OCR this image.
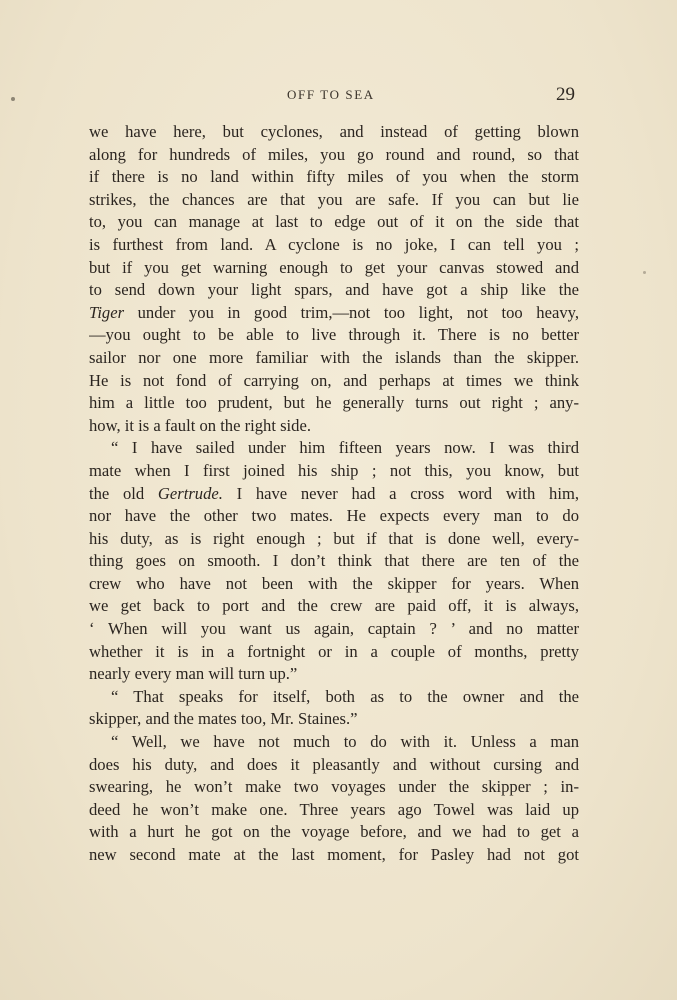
OFF TO SEA	29
we have here, but cyclones, and instead of getting blown
along for hundreds of miles, you go round and round, so that
if there is no land within fifty miles of you when the storm
strikes, the chances are that you are safe. If you can but lie
to, you can manage at last to edge out of it on the side that
is furthest from land. A cyclone is no joke, I can tell you ;
but if you get warning enough to get your canvas stowed and
to send down your light spars, and have got a ship like the
Tiger under you in good trim,—not too light, not too heavy,
—you ought to be able to live through it. There is no better
sailor nor one more familiar with the islands than the skipper.
He is not fond of carrying on, and perhaps at times we think
him a little too prudent, but he generally turns out right ; any-
how, it is a fault on the right side.
“ I have sailed under him fifteen years now. I was third
mate when I first joined his ship ; not this, you know, but
the old Gertrude. I have never had a cross word with him,
nor have the other two mates. He expects every man to do
his duty, as is right enough ; but if that is done well, every-
thing goes on smooth. I don’t think that there are ten of the
crew who have not been with the skipper for years. When
we get back to port and the crew are paid off, it is always,
‘ When will you want us again, captain ? ’ and no matter
whether it is in a fortnight or in a couple of months, pretty
nearly every man will turn up.”
“ That speaks for itself, both as to the owner and the
skipper, and the mates too, Mr. Staines.”
“ Well, we have not much to do with it. Unless a man
does his duty, and does it pleasantly and without cursing and
swearing, he won’t make two voyages under the skipper ; in-
deed he won’t make one. Three years ago Towel was laid up
with a hurt he got on the voyage before, and we had to get a
new second mate at the last moment, for Pasley had not got
